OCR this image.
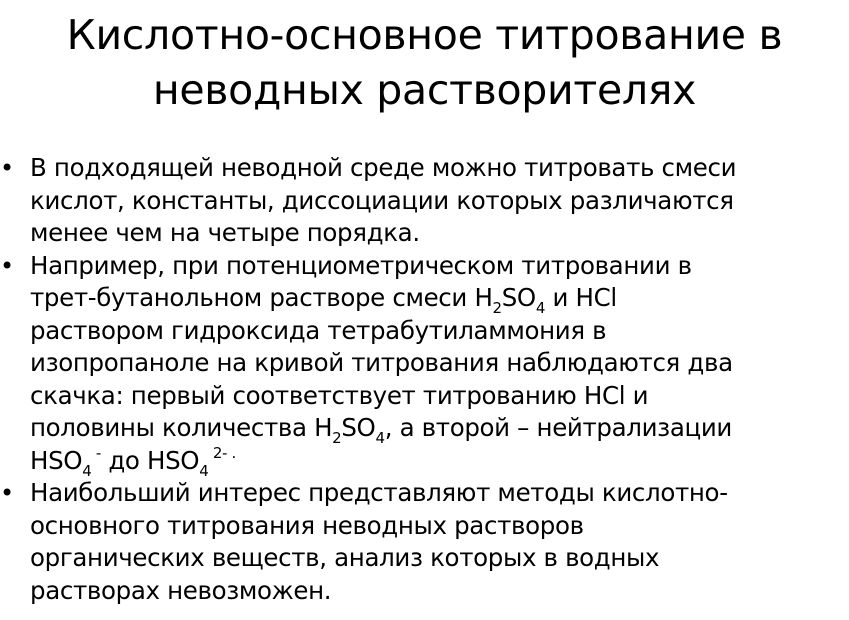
Кислотно-основное титрование в
неводных растворителях
• В подходящей неводной среде можно титровать смеси
кислот, константы, диссоциации которых различаются
менее чем на четыре порядка.
• Например, при потенциометрическом титровании в
трет-бутанольном растворе смеси $H_2SO_4$ и HCl
раствором гидроксида тетрабутиламмония в
изопропаноле на кривой титрования наблюдаются два
скачка: первый соответствует титрованию HCl и
половины количества $H_2SO_4$, а второй – нейтрализации
$HSO_4$ - до $HSO_4$ $^{2- .}$
• Наибольший интерес представляют методы кислотно-
основного титрования неводных растворов
органических веществ, анализ которых в водных
растворах невозможен.
